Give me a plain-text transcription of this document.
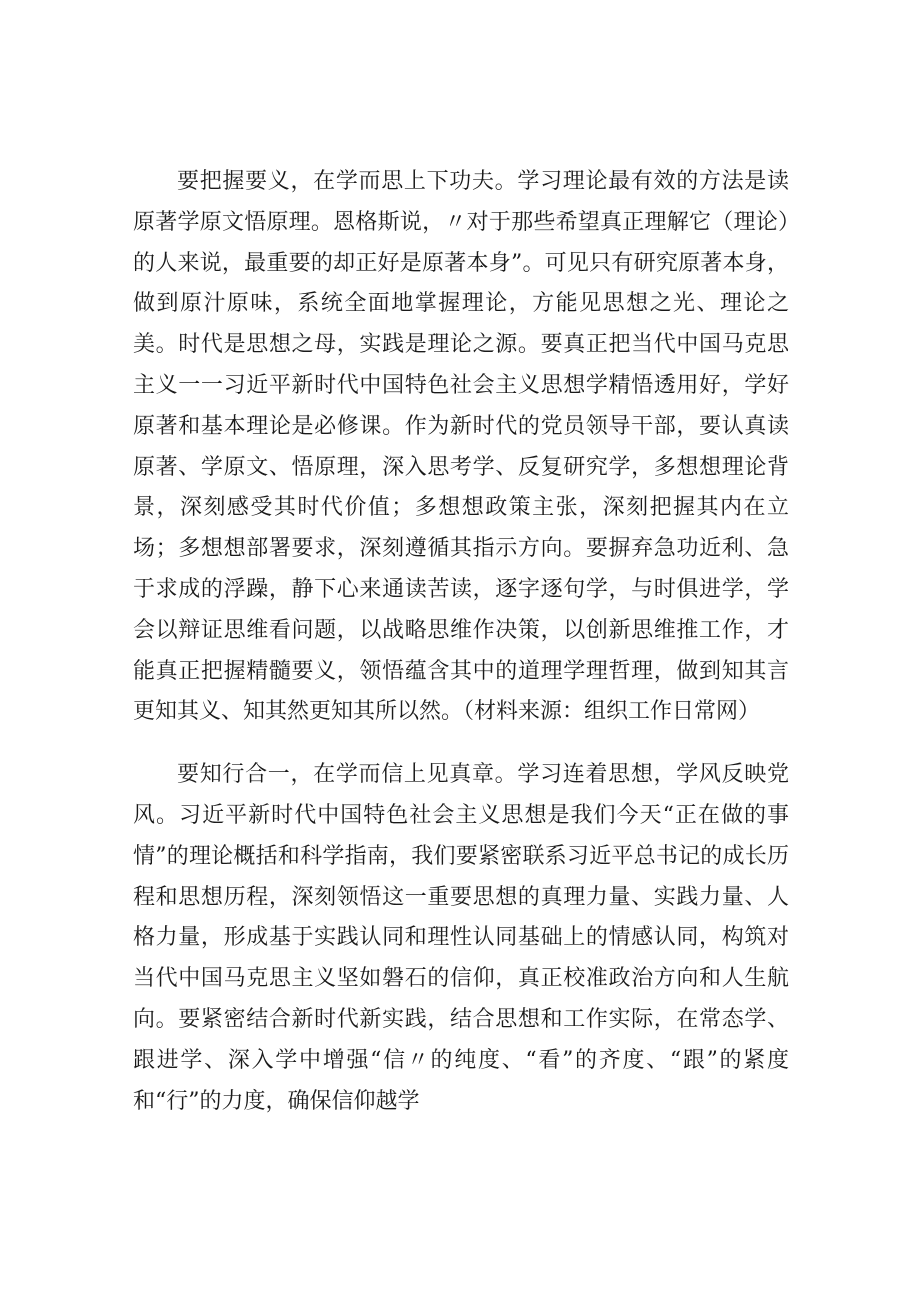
要把握要义，在学而思上下功夫。学习理论最有效的方法是读原著学原文悟原理。恩格斯说，〃对于那些希望真正理解它（理论）的人来说，最重要的却正好是原著本身”。可见只有研究原著本身，做到原汁原味，系统全面地掌握理论，方能见思想之光、理论之美。时代是思想之母，实践是理论之源。要真正把当代中国马克思主义一一习近平新时代中国特色社会主义思想学精悟透用好，学好原著和基本理论是必修课。作为新时代的党员领导干部，要认真读原著、学原文、悟原理，深入思考学、反复研究学，多想想理论背景，深刻感受其时代价值；多想想政策主张，深刻把握其内在立场；多想想部署要求，深刻遵循其指示方向。要摒弃急功近利、急于求成的浮躁，静下心来通读苦读，逐字逐句学，与时俱进学，学会以辩证思维看问题，以战略思维作决策，以创新思维推工作，才能真正把握精髓要义，领悟蕴含其中的道理学理哲理，做到知其言更知其义、知其然更知其所以然。（材料来源：组织工作日常网）

要知行合一，在学而信上见真章。学习连着思想，学风反映党风。习近平新时代中国特色社会主义思想是我们今天“正在做的事情”的理论概括和科学指南，我们要紧密联系习近平总书记的成长历程和思想历程，深刻领悟这一重要思想的真理力量、实践力量、人格力量，形成基于实践认同和理性认同基础上的情感认同，构筑对当代中国马克思主义坚如磐石的信仰，真正校准政治方向和人生航向。要紧密结合新时代新实践，结合思想和工作实际，在常态学、跟进学、深入学中增强“信〃的纯度、“看”的齐度、“跟”的紧度和“行”的力度，确保信仰越学
